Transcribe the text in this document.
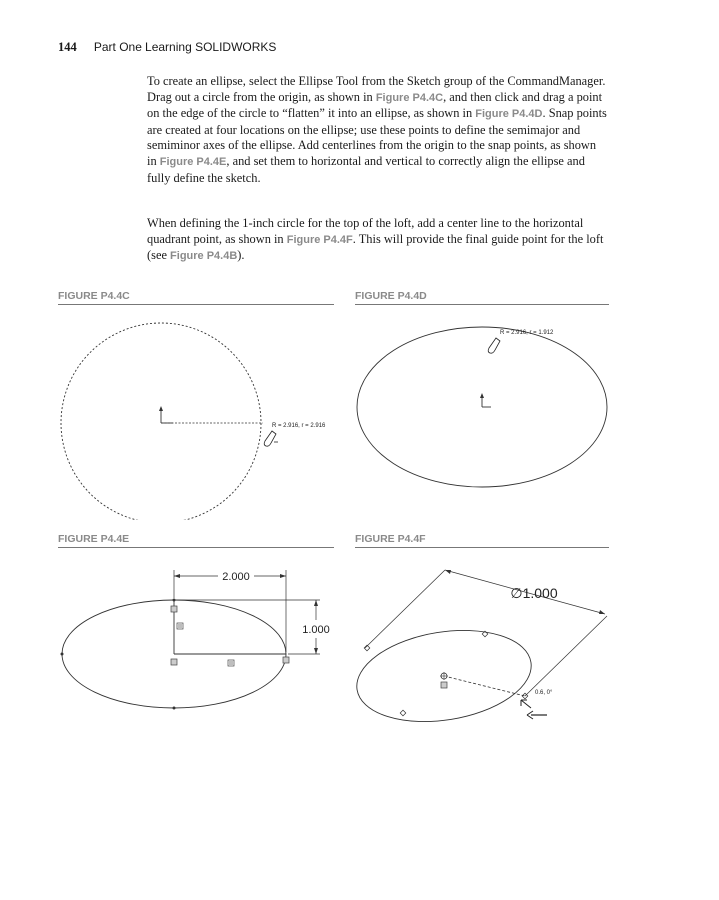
144 Part One Learning SOLIDWORKS

To create an ellipse, select the Ellipse Tool from the Sketch group of the CommandManager. Drag out a circle from the origin, as shown in Figure P4.4C, and then click and drag a point on the edge of the circle to “flatten” it into an ellipse, as shown in Figure P4.4D. Snap points are created at four locations on the ellipse; use these points to define the semimajor and semiminor axes of the ellipse. Add centerlines from the origin to the snap points, as shown in Figure P4.4E, and set them to horizontal and vertical to correctly align the ellipse and fully define the sketch.

When defining the 1-inch circle for the top of the loft, add a center line to the horizontal quadrant point, as shown in Figure P4.4F. This will provide the final guide point for the loft (see Figure P4.4B).

FIGURE P4.4C
R = 2.916, r = 2.916
FIGURE P4.4D
R = 2.916, r = 1.912
FIGURE P4.4E
2.000
1.000
FIGURE P4.4F
∅1.000
0.6, 0°
